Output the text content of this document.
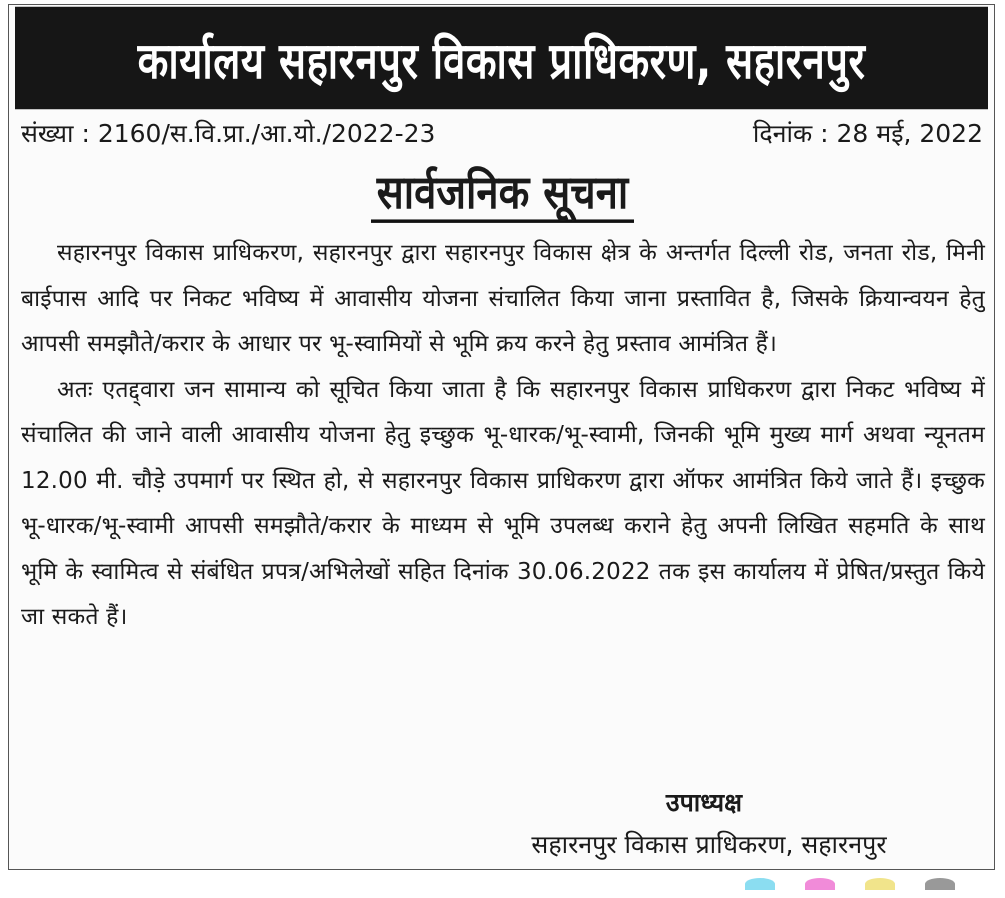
कार्यालय सहारनपुर विकास प्राधिकरण, सहारनपुर
संख्या : 2160/स.वि.प्रा./आ.यो./2022-23	दिनांक : 28 मई, 2022
सार्वजनिक सूचना

सहारनपुर विकास प्राधिकरण, सहारनपुर द्वारा सहारनपुर विकास क्षेत्र के अन्तर्गत दिल्ली रोड, जनता रोड, मिनी बाईपास आदि पर निकट भविष्य में आवासीय योजना संचालित किया जाना प्रस्तावित है, जिसके क्रियान्वयन हेतु आपसी समझौते/करार के आधार पर भू-स्वामियों से भूमि क्रय करने हेतु प्रस्ताव आमंत्रित हैं।

अतः एतद्द्वारा जन सामान्य को सूचित किया जाता है कि सहारनपुर विकास प्राधिकरण द्वारा निकट भविष्य में संचालित की जाने वाली आवासीय योजना हेतु इच्छुक भू-धारक/भू-स्वामी, जिनकी भूमि मुख्य मार्ग अथवा न्यूनतम 12.00 मी. चौड़े उपमार्ग पर स्थित हो, से सहारनपुर विकास प्राधिकरण द्वारा ऑफर आमंत्रित किये जाते हैं। इच्छुक भू-धारक/भू-स्वामी आपसी समझौते/करार के माध्यम से भूमि उपलब्ध कराने हेतु अपनी लिखित सहमति के साथ भूमि के स्वामित्व से संबंधित प्रपत्र/अभिलेखों सहित दिनांक 30.06.2022 तक इस कार्यालय में प्रेषित/प्रस्तुत किये जा सकते हैं।

उपाध्यक्ष
सहारनपुर विकास प्राधिकरण, सहारनपुर
